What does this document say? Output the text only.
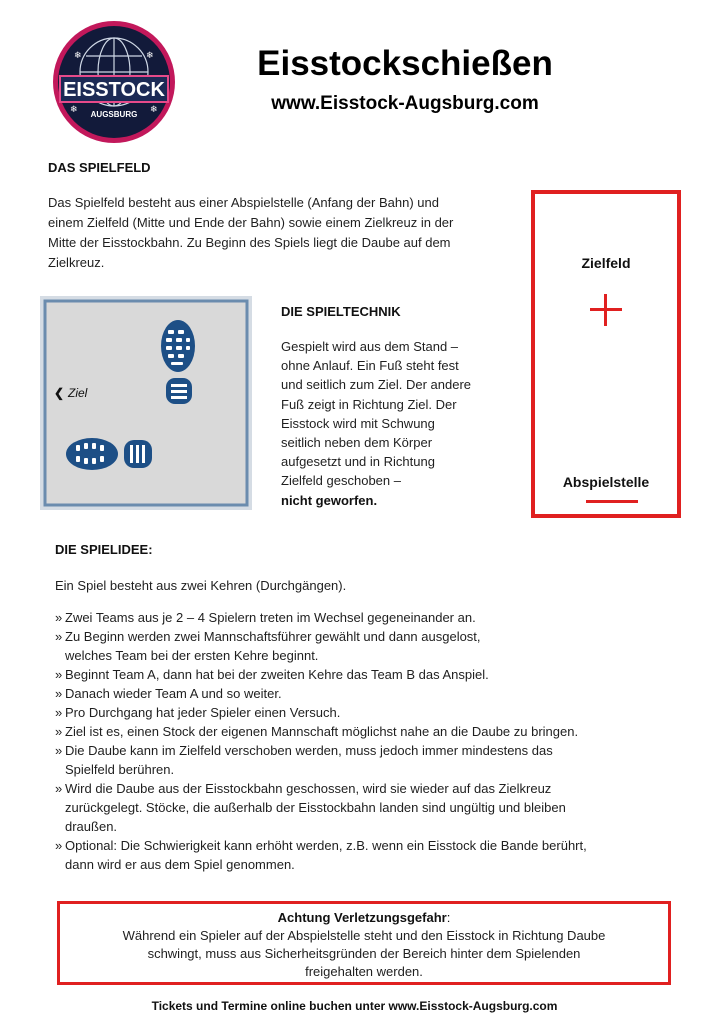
❄	❄
❄	❄
EISSTOCK
AUGSBURG
Eisstockschießen
www.Eisstock-Augsburg.com
DAS SPIELFELD
Das Spielfeld besteht aus einer Abspielstelle (Anfang der Bahn) und
einem Zielfeld (Mitte und Ende der Bahn) sowie einem Zielkreuz in der
Mitte der Eisstockbahn. Zu Beginn des Spiels liegt die Daube auf dem
Zielkreuz.	Zielfeld
Abspielstelle
❮ Ziel
DIE SPIELTECHNIK
Gespielt wird aus dem Stand –
ohne Anlauf. Ein Fuß steht fest
und seitlich zum Ziel. Der andere
Fuß zeigt in Richtung Ziel. Der
Eisstock wird mit Schwung
seitlich neben dem Körper
aufgesetzt und in Richtung
Zielfeld geschoben –
nicht geworfen.
DIE SPIELIDEE:
Ein Spiel besteht aus zwei Kehren (Durchgängen).
» Zwei Teams aus je 2 – 4 Spielern treten im Wechsel gegeneinander an.
» Zu Beginn werden zwei Mannschaftsführer gewählt und dann ausgelost,
welches Team bei der ersten Kehre beginnt.
» Beginnt Team A, dann hat bei der zweiten Kehre das Team B das Anspiel.
» Danach wieder Team A und so weiter.
» Pro Durchgang hat jeder Spieler einen Versuch.
» Ziel ist es, einen Stock der eigenen Mannschaft möglichst nahe an die Daube zu bringen.
» Die Daube kann im Zielfeld verschoben werden, muss jedoch immer mindestens das
Spielfeld berühren.
» Wird die Daube aus der Eisstockbahn geschossen, wird sie wieder auf das Zielkreuz
zurückgelegt. Stöcke, die außerhalb der Eisstockbahn landen sind ungültig und bleiben
draußen.
» Optional: Die Schwierigkeit kann erhöht werden, z.B. wenn ein Eisstock die Bande berührt,
dann wird er aus dem Spiel genommen.
Achtung Verletzungsgefahr:
Während ein Spieler auf der Abspielstelle steht und den Eisstock in Richtung Daube
schwingt, muss aus Sicherheitsgründen der Bereich hinter dem Spielenden
freigehalten werden.
Tickets und Termine online buchen unter www.Eisstock-Augsburg.com
